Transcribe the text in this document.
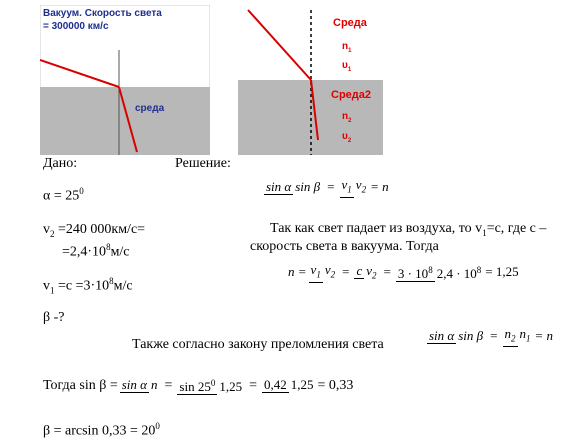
Вакуум. Скорость света
= 300000 км/с
среда
Среда
$n_1$
$\upsilon_1$
Среда2
$n_2$
$\upsilon_2$
Дано:
$\alpha = 25^0$
$v_2 =240$ 000км/с=
$=2,4\cdot 10^8м/с$
$v_1 =с =3\cdot 10^8м/с$
β -?
Решение:
sin α $\sin \beta = v_1$ $v_2 = n$
Так как свет падает из воздуха, то $v_1=с$, где с –
скорость света в вакуума. Тогда
$n = v_1$ $v_2 = c$ $v_2 = 3 \cdot 10^8$ $2,4 \cdot 10^8 = 1,25$
Также согласно закону преломления света
sin α $\sin \beta = n_2$ $n_1 = n$
Тогда sin β = sin α $n = \sin 25^0$ 1,25 = 0,42 1,25 = 0,33
$\beta = \arcsin 0,33 = 20^0$
